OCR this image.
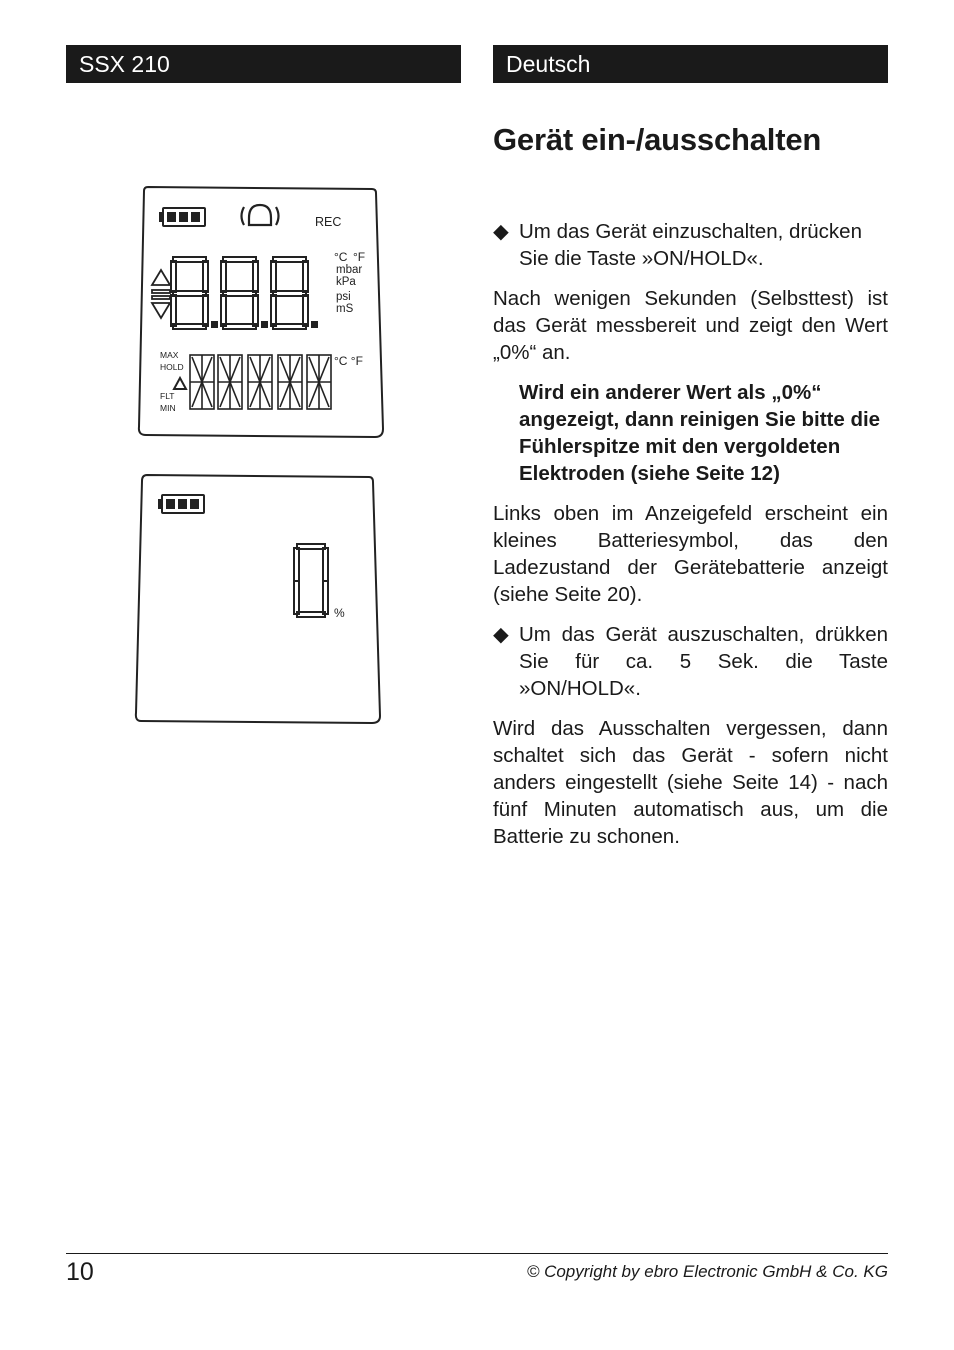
SSX 210	Deutsch
Gerät ein-/ausschalten
REC
°C °F
mbar
kPa
psi
mS
MAX
HOLD
FLT
MIN
°C °F
%
◆ Um das Gerät einzuschalten, drücken Sie die Taste »ON/HOLD«.

Nach wenigen Sekunden (Selbsttest) ist das Gerät messbereit und zeigt den Wert „0%“ an.

Wird ein anderer Wert als „0%“ angezeigt, dann reinigen Sie bitte die Fühlerspitze mit den vergoldeten Elektroden (siehe Seite 12)

Links oben im Anzeigefeld erscheint ein kleines Batteriesymbol, das den Ladezustand der Gerätebatterie anzeigt (siehe Seite 20).

◆ Um das Gerät auszuschalten, drükken Sie für ca. 5 Sek. die Taste »ON/HOLD«.

Wird das Ausschalten vergessen, dann schaltet sich das Gerät - sofern nicht anders eingestellt (siehe Seite 14) - nach fünf Minuten automatisch aus, um die Batterie zu schonen.

10	© Copyright by ebro Electronic GmbH & Co. KG
